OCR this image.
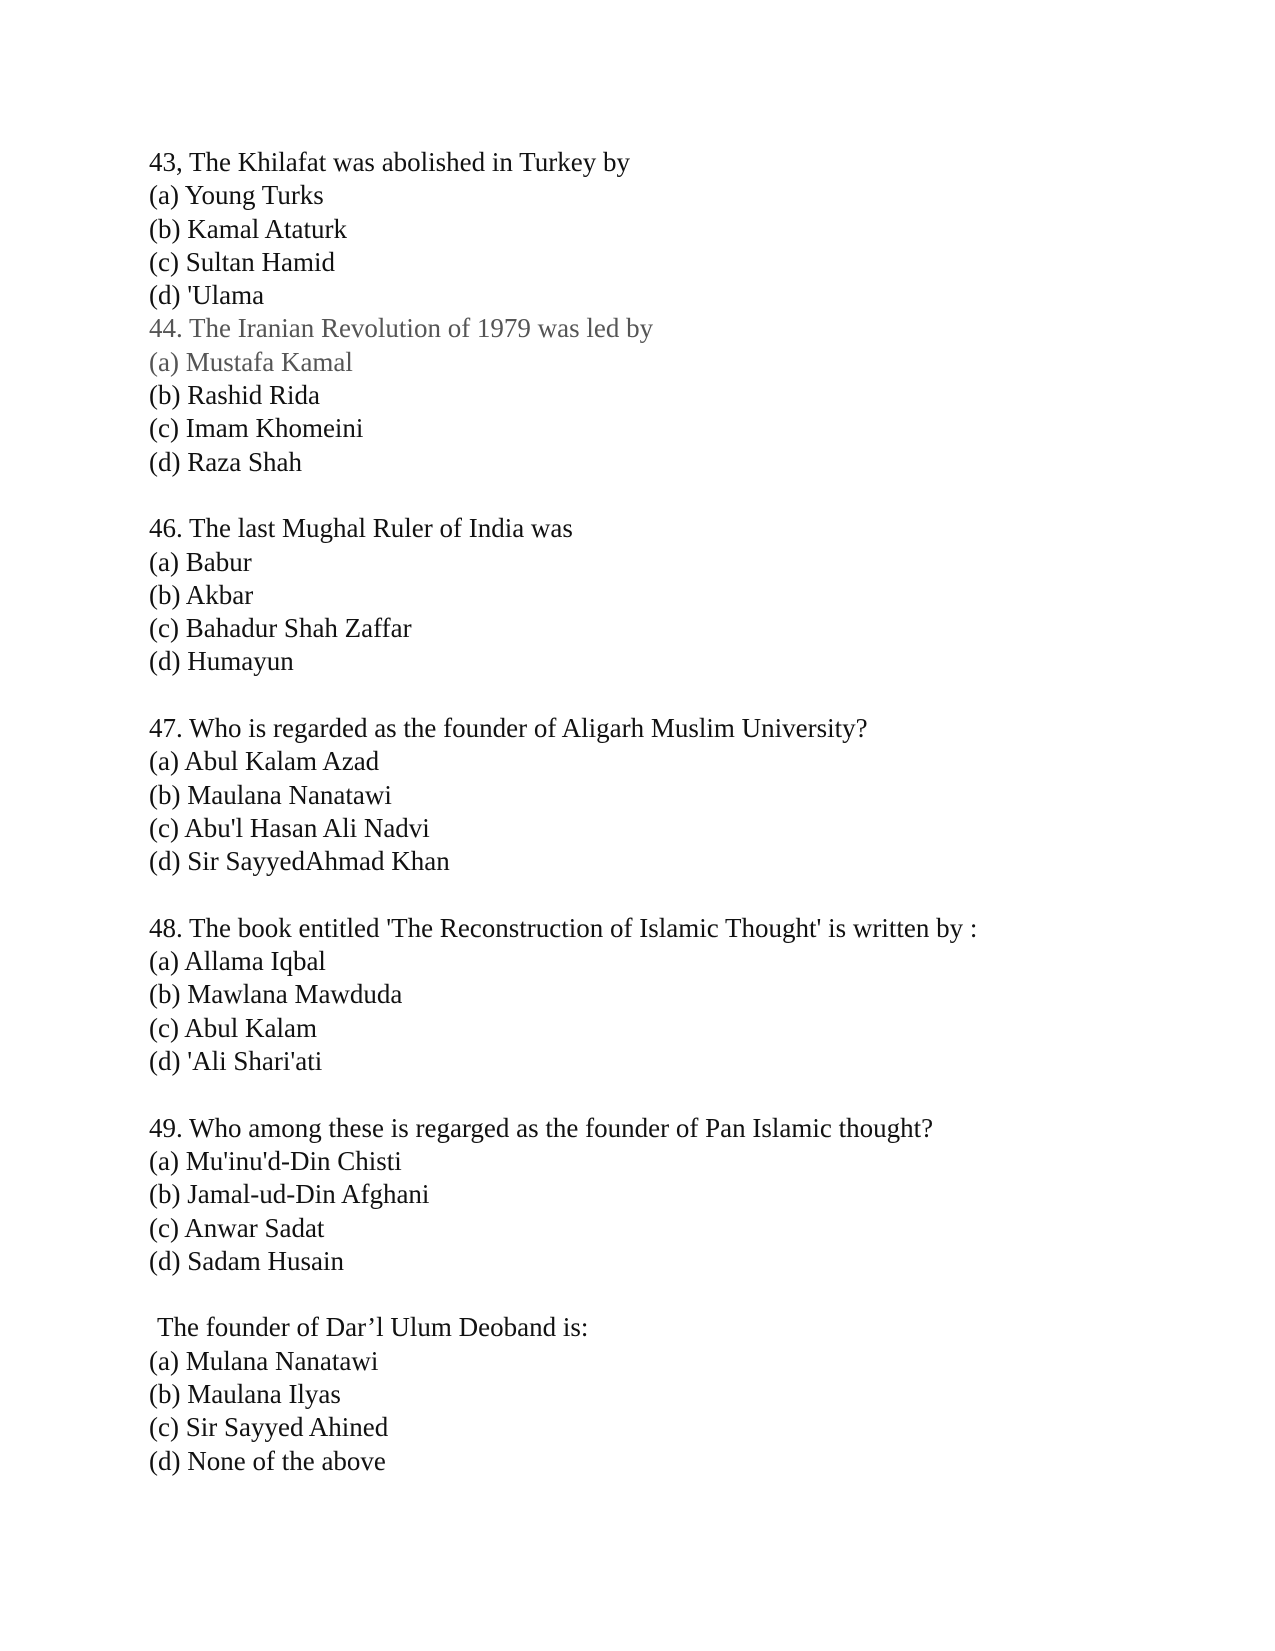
43, The Khilafat was abolished in Turkey by
(a) Young Turks
(b) Kamal Ataturk
(c) Sultan Hamid
(d) 'Ulama
44. The Iranian Revolution of 1979 was led by
(a) Mustafa Kamal
(b) Rashid Rida
(c) Imam Khomeini
(d) Raza Shah
46. The last Mughal Ruler of India was
(a) Babur
(b) Akbar
(c) Bahadur Shah Zaffar
(d) Humayun
47. Who is regarded as the founder of Aligarh Muslim University?
(a) Abul Kalam Azad
(b) Maulana Nanatawi
(c) Abu'l Hasan Ali Nadvi
(d) Sir SayyedAhmad Khan
48. The book entitled 'The Reconstruction of Islamic Thought' is written by :
(a) Allama Iqbal
(b) Mawlana Mawduda
(c) Abul Kalam
(d) 'Ali Shari'ati
49. Who among these is regarged as the founder of Pan Islamic thought?
(a) Mu'inu'd-Din Chisti
(b) Jamal-ud-Din Afghani
(c) Anwar Sadat
(d) Sadam Husain
The founder of Dar’l Ulum Deoband is:
(a) Mulana Nanatawi
(b) Maulana Ilyas
(c) Sir Sayyed Ahined
(d) None of the above
